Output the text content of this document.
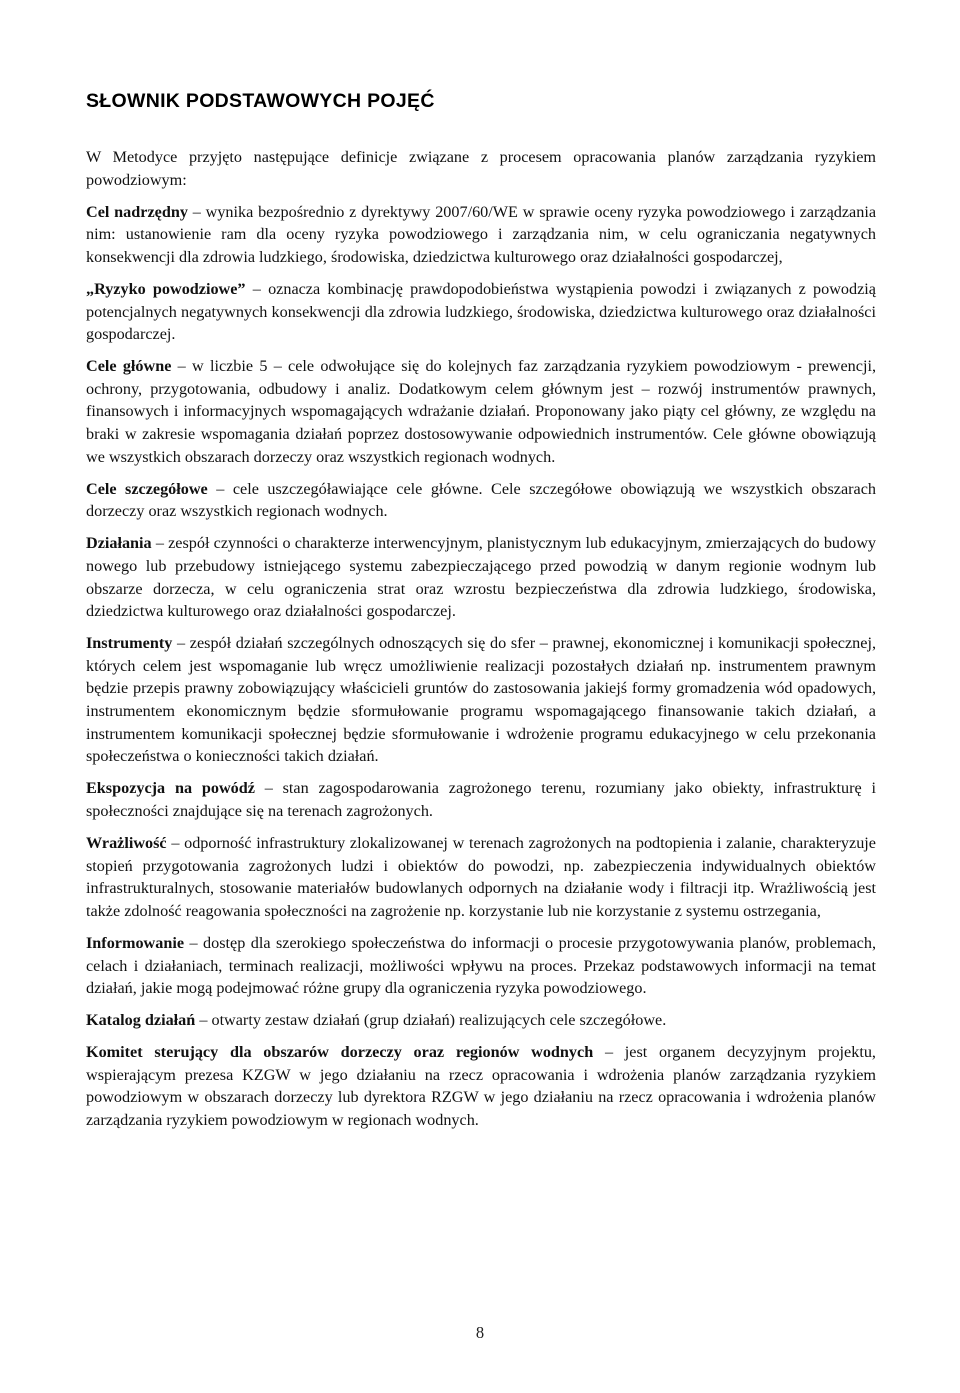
SŁOWNIK PODSTAWOWYCH POJĘĆ

W Metodyce przyjęto następujące definicje związane z procesem opracowania planów zarządzania ryzykiem powodziowym:

Cel nadrzędny – wynika bezpośrednio z dyrektywy 2007/60/WE w sprawie oceny ryzyka powodziowego i zarządzania nim: ustanowienie ram dla oceny ryzyka powodziowego i zarządzania nim, w celu ograniczania negatywnych konsekwencji dla zdrowia ludzkiego, środowiska, dziedzictwa kulturowego oraz działalności gospodarczej,

„Ryzyko powodziowe” – oznacza kombinację prawdopodobieństwa wystąpienia powodzi i związanych z powodzią potencjalnych negatywnych konsekwencji dla zdrowia ludzkiego, środowiska, dziedzictwa kulturowego oraz działalności gospodarczej.

Cele główne – w liczbie 5 – cele odwołujące się do kolejnych faz zarządzania ryzykiem powodziowym - prewencji, ochrony, przygotowania, odbudowy i analiz. Dodatkowym celem głównym jest – rozwój instrumentów prawnych, finansowych i informacyjnych wspomagających wdrażanie działań. Proponowany jako piąty cel główny, ze względu na braki w zakresie wspomagania działań poprzez dostosowywanie odpowiednich instrumentów. Cele główne obowiązują we wszystkich obszarach dorzeczy oraz wszystkich regionach wodnych.

Cele szczegółowe – cele uszczegóławiające cele główne. Cele szczegółowe obowiązują we wszystkich obszarach dorzeczy oraz wszystkich regionach wodnych.

Działania – zespół czynności o charakterze interwencyjnym, planistycznym lub edukacyjnym, zmierzających do budowy nowego lub przebudowy istniejącego systemu zabezpieczającego przed powodzią w danym regionie wodnym lub obszarze dorzecza, w celu ograniczenia strat oraz wzrostu bezpieczeństwa dla zdrowia ludzkiego, środowiska, dziedzictwa kulturowego oraz działalności gospodarczej.

Instrumenty – zespół działań szczególnych odnoszących się do sfer – prawnej, ekonomicznej i komunikacji społecznej, których celem jest wspomaganie lub wręcz umożliwienie realizacji pozostałych działań np. instrumentem prawnym będzie przepis prawny zobowiązujący właścicieli gruntów do zastosowania jakiejś formy gromadzenia wód opadowych, instrumentem ekonomicznym będzie sformułowanie programu wspomagającego finansowanie takich działań, a instrumentem komunikacji społecznej będzie sformułowanie i wdrożenie programu edukacyjnego w celu przekonania społeczeństwa o konieczności takich działań.

Ekspozycja na powódź – stan zagospodarowania zagrożonego terenu, rozumiany jako obiekty, infrastrukturę i społeczności znajdujące się na terenach zagrożonych.

Wrażliwość – odporność infrastruktury zlokalizowanej w terenach zagrożonych na podtopienia i zalanie, charakteryzuje stopień przygotowania zagrożonych ludzi i obiektów do powodzi, np. zabezpieczenia indywidualnych obiektów infrastrukturalnych, stosowanie materiałów budowlanych odpornych na działanie wody i filtracji itp. Wrażliwością jest także zdolność reagowania społeczności na zagrożenie np. korzystanie lub nie korzystanie z systemu ostrzegania,

Informowanie – dostęp dla szerokiego społeczeństwa do informacji o procesie przygotowywania planów, problemach, celach i działaniach, terminach realizacji, możliwości wpływu na proces. Przekaz podstawowych informacji na temat działań, jakie mogą podejmować różne grupy dla ograniczenia ryzyka powodziowego.

Katalog działań – otwarty zestaw działań (grup działań) realizujących cele szczegółowe.

Komitet sterujący dla obszarów dorzeczy oraz regionów wodnych – jest organem decyzyjnym projektu, wspierającym prezesa KZGW w jego działaniu na rzecz opracowania i wdrożenia planów zarządzania ryzykiem powodziowym w obszarach dorzeczy lub dyrektora RZGW w jego działaniu na rzecz opracowania i wdrożenia planów zarządzania ryzykiem powodziowym w regionach wodnych.

8
